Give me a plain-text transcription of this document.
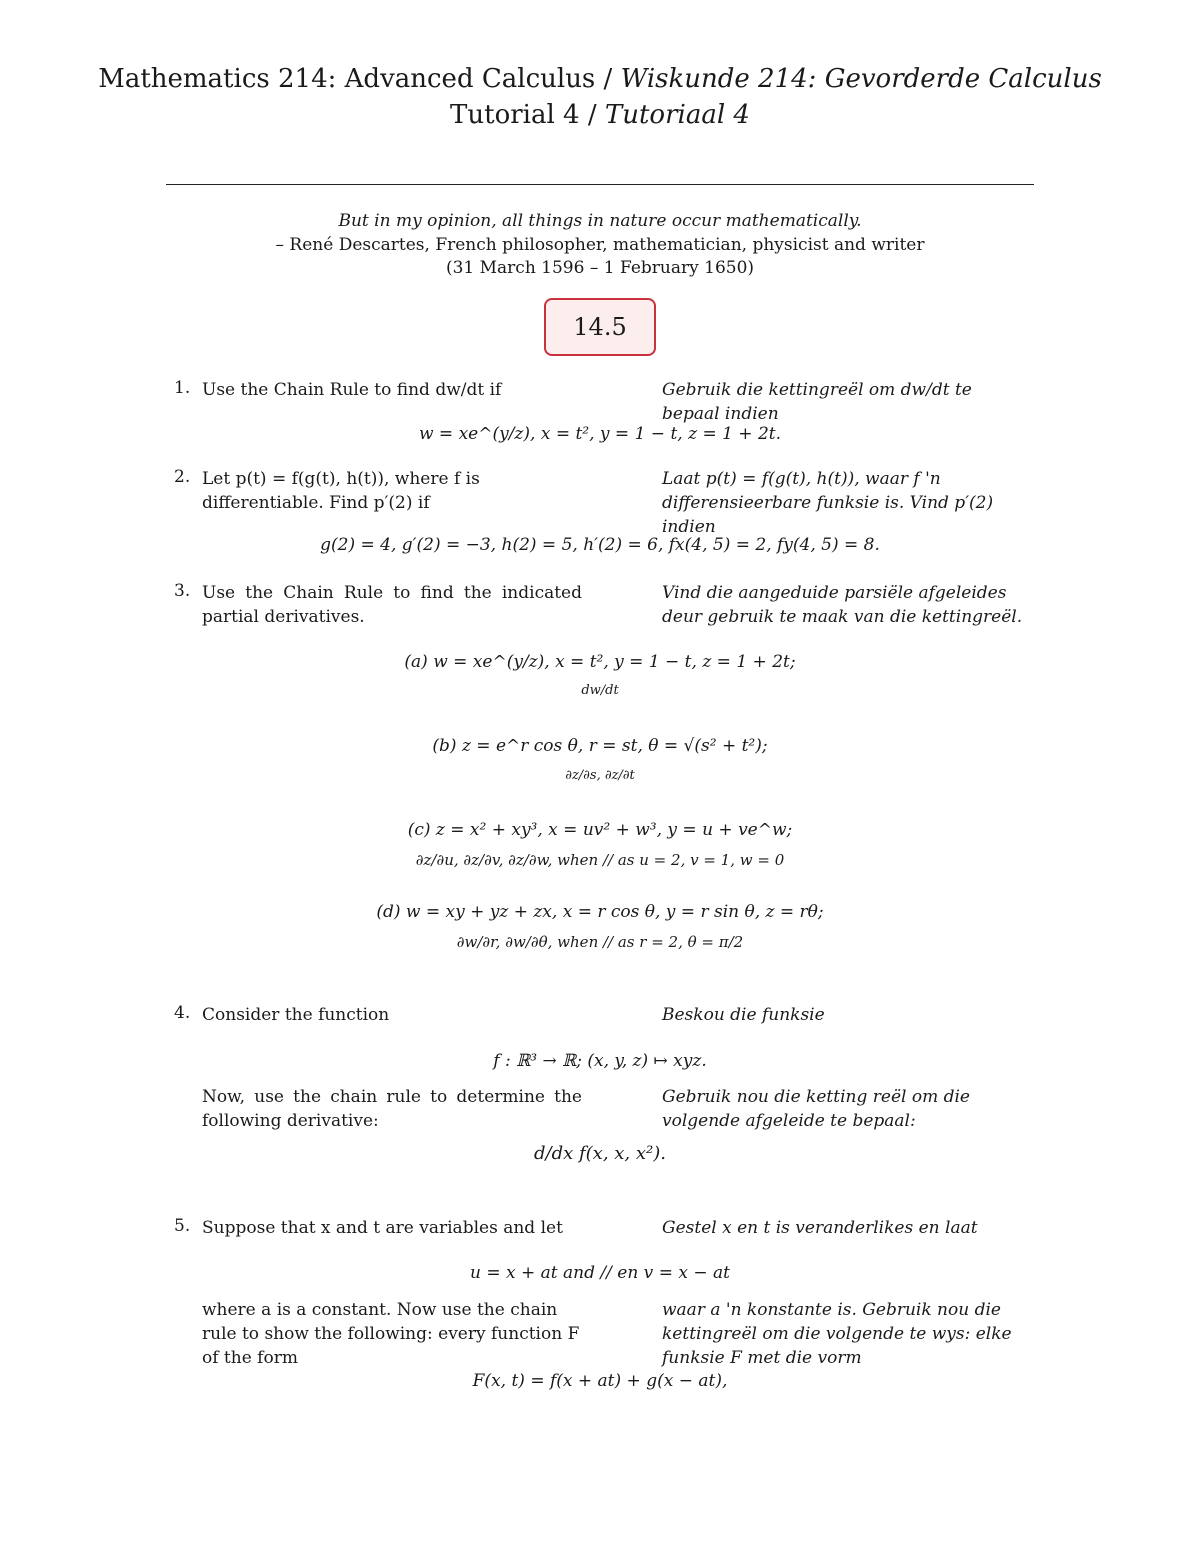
Mathematics 214: Advanced Calculus / Wiskunde 214: Gevorderde Calculus
Tutorial 4 / Tutoriaal 4
But in my opinion, all things in nature occur mathematically.
– René Descartes, French philosopher, mathematician, physicist and writer
(31 March 1596 – 1 February 1650)
14.5
1. Use the Chain Rule to find dw/dt if	Gebruik die kettingreël om dw/dt te bepaal indien
w = xe^(y/z), x = t², y = 1 − t, z = 1 + 2t.
2. Let p(t) = f(g(t), h(t)), where f is differentiable. Find p′(2) if
Laat p(t) = f(g(t), h(t)), waar f 'n differensieerbare funksie is. Vind p′(2) indien
g(2) = 4, g′(2) = −3, h(2) = 5, h′(2) = 6, fx(4, 5) = 2, fy(4, 5) = 8.
3. Use the Chain Rule to find the indicated partial derivatives.
Vind die aangeduide parsiële afgeleides deur gebruik te maak van die kettingreël.
(a) w = xe^(y/z), x = t², y = 1 − t, z = 1 + 2t;
dw/dt
(b) z = e^r cos θ, r = st, θ = √(s² + t²);
∂z/∂s, ∂z/∂t
(c) z = x² + xy³, x = uv² + w³, y = u + ve^w;
∂z/∂u, ∂z/∂v, ∂z/∂w, when // as u = 2, v = 1, w = 0
(d) w = xy + yz + zx, x = r cos θ, y = r sin θ, z = rθ;
∂w/∂r, ∂w/∂θ, when // as r = 2, θ = π/2
4. Consider the function	Beskou die funksie
f : ℝ³ → ℝ; (x, y, z) ↦ xyz.
Now, use the chain rule to determine the following derivative:
Gebruik nou die ketting reël om die volgende afgeleide te bepaal:
d/dx f(x, x, x²).
5. Suppose that x and t are variables and let	Gestel x en t is veranderlikes en laat
u = x + at and // en v = x − at
where a is a constant. Now use the chain rule to show the following: every function F of the form
waar a 'n konstante is. Gebruik nou die kettingreël om die volgende te wys: elke funksie F met die vorm
F(x, t) = f(x + at) + g(x − at),
